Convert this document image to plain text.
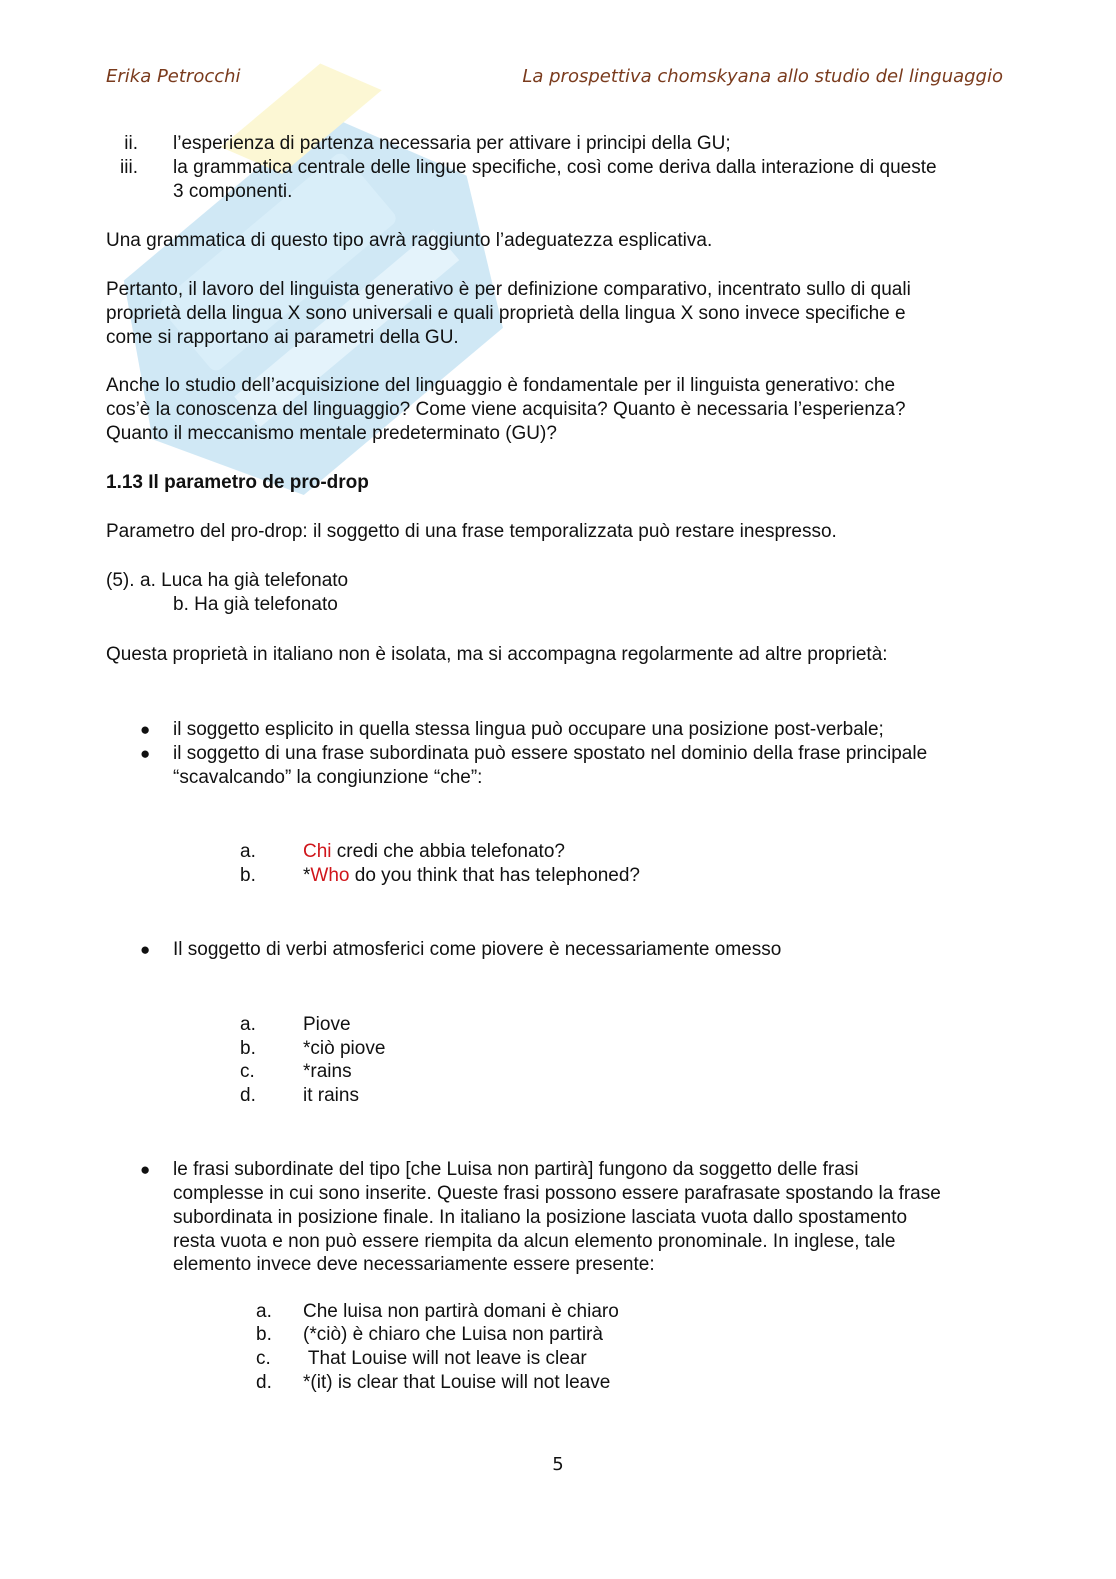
Erika Petrocchi	La prospettiva chomskyana allo studio del linguaggio
ii. l’esperienza di partenza necessaria per attivare i principi della GU;
iii. la grammatica centrale delle lingue specifiche, così come deriva dalla interazione di queste
3 componenti.
Una grammatica di questo tipo avrà raggiunto l’adeguatezza esplicativa.
Pertanto, il lavoro del linguista generativo è per definizione comparativo, incentrato sullo di quali
proprietà della lingua X sono universali e quali proprietà della lingua X sono invece specifiche e
come si rapportano ai parametri della GU.
Anche lo studio dell’acquisizione del linguaggio è fondamentale per il linguista generativo: che
cos’è la conoscenza del linguaggio? Come viene acquisita? Quanto è necessaria l’esperienza?
Quanto il meccanismo mentale predeterminato (GU)?
1.13 Il parametro de pro-drop
Parametro del pro-drop: il soggetto di una frase temporalizzata può restare inespresso.
(5). a. Luca ha già telefonato
b. Ha già telefonato
Questa proprietà in italiano non è isolata, ma si accompagna regolarmente ad altre proprietà:
● il soggetto esplicito in quella stessa lingua può occupare una posizione post-verbale;
● il soggetto di una frase subordinata può essere spostato nel dominio della frase principale
“scavalcando” la congiunzione “che”:
a. Chi credi che abbia telefonato?
b. *Who do you think that has telephoned?
● Il soggetto di verbi atmosferici come piovere è necessariamente omesso
a. Piove
b. *ciò piove
c.	*rains
d. it rains
● le frasi subordinate del tipo [che Luisa non partirà] fungono da soggetto delle frasi
complesse in cui sono inserite. Queste frasi possono essere parafrasate spostando la frase
subordinata in posizione finale. In italiano la posizione lasciata vuota dallo spostamento
resta vuota e non può essere riempita da alcun elemento pronominale. In inglese, tale
elemento invece deve necessariamente essere presente:
a. Che luisa non partirà domani è chiaro
b. (*ciò) è chiaro che Luisa non partirà
c. That Louise will not leave is clear
d. *(it) is clear that Louise will not leave
5
